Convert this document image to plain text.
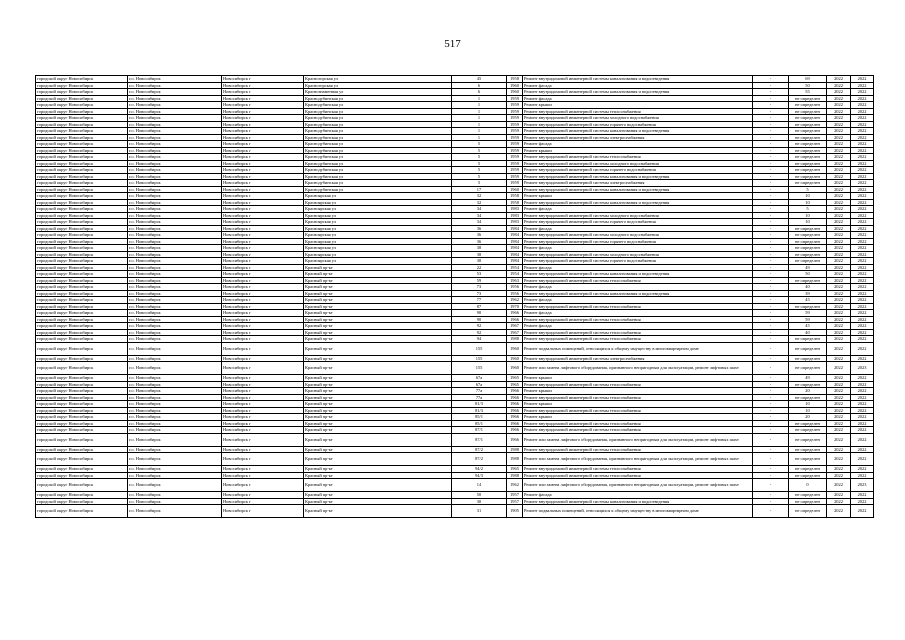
517
городской округ Новосибирск	г.о. Новосибирск	Новосибирск г	Красногорская ул	45	1958	Ремонт внутридомовой инженерной системы канализования и водоотведения	-	69	2022	2022
городской округ Новосибирск	г.о. Новосибирск	Новосибирск г	Красногорская ул	6	1960	Ремонт фасада	-	50	2022	2022
городской округ Новосибирск	г.о. Новосибирск	Новосибирск г	Краснознаменная ул	6	1960	Ремонт внутридомовой инженерной системы канализования и водоотведения	-	55	2022	2022
городской округ Новосибирск	г.о. Новосибирск	Новосибирск г	Краснодубинская ул	1	1959	Ремонт фасада	-	не определен	2022	2022
городской округ Новосибирск	г.о. Новосибирск	Новосибирск г	Краснодубинская ул	1	1959	Ремонт крыши	-	не определен	2022	2022
городской округ Новосибирск	г.о. Новосибирск	Новосибирск г	Краснодубинская ул	1	1959	Ремонт внутридомовой инженерной системы теплоснабжения	-	не определен	2022	2022
городской округ Новосибирск	г.о. Новосибирск	Новосибирск г	Краснодубинская ул	1	1959	Ремонт внутридомовой инженерной системы холодного водоснабжения	-	не определен	2022	2022
городской округ Новосибирск	г.о. Новосибирск	Новосибирск г	Краснодубинская ул	1	1959	Ремонт внутридомовой инженерной системы горячего водоснабжения	-	не определен	2022	2022
городской округ Новосибирск	г.о. Новосибирск	Новосибирск г	Краснодубинская ул	1	1959	Ремонт внутридомовой инженерной системы канализования и водоотведения	-	не определен	2022	2022
городской округ Новосибирск	г.о. Новосибирск	Новосибирск г	Краснодубинская ул	1	1959	Ремонт внутридомовой инженерной системы электроснабжения	-	не определен	2022	2022
городской округ Новосибирск	г.о. Новосибирск	Новосибирск г	Краснодубинская ул	5	1959	Ремонт фасада	-	не определен	2022	2022
городской округ Новосибирск	г.о. Новосибирск	Новосибирск г	Краснодубинская ул	5	1959	Ремонт крыши	-	не определен	2022	2022
городской округ Новосибирск	г.о. Новосибирск	Новосибирск г	Краснодубинская ул	5	1959	Ремонт внутридомовой инженерной системы теплоснабжения	-	не определен	2022	2022
городской округ Новосибирск	г.о. Новосибирск	Новосибирск г	Краснодубинская ул	5	1959	Ремонт внутридомовой инженерной системы холодного водоснабжения	-	не определен	2022	2022
городской округ Новосибирск	г.о. Новосибирск	Новосибирск г	Краснодубинская ул	5	1959	Ремонт внутридомовой инженерной системы горячего водоснабжения	-	не определен	2022	2022
городской округ Новосибирск	г.о. Новосибирск	Новосибирск г	Краснодубинская ул	5	1959	Ремонт внутридомовой инженерной системы канализования и водоотведения	-	не определен	2022	2022
городской округ Новосибирск	г.о. Новосибирск	Новосибирск г	Краснодубинская ул	5	1959	Ремонт внутридомовой инженерной системы электроснабжения	-	не определен	2022	2022
городской округ Новосибирск	г.о. Новосибирск	Новосибирск г	Краснодубинская ул	17	1960	Ремонт внутридомовой инженерной системы канализования и водоотведения	-	5	2022	2022
городской округ Новосибирск	г.о. Новосибирск	Новосибирск г	Красноярская ул	32	1958	Ремонт крыши	-	10	2022	2022
городской округ Новосибирск	г.о. Новосибирск	Новосибирск г	Красноярская ул	32	1958	Ремонт внутридомовой инженерной системы канализования и водоотведения	-	10	2022	2022
городской округ Новосибирск	г.о. Новосибирск	Новосибирск г	Красноярская ул	34	1983	Ремонт фасада	-	5	2022	2022
городской округ Новосибирск	г.о. Новосибирск	Новосибирск г	Красноярская ул	34	1983	Ремонт внутридомовой инженерной системы холодного водоснабжения	-	10	2022	2022
городской округ Новосибирск	г.о. Новосибирск	Новосибирск г	Красноярская ул	34	1983	Ремонт внутридомовой инженерной системы горячего водоснабжения	-	10	2022	2022
городской округ Новосибирск	г.о. Новосибирск	Новосибирск г	Красноярская ул	36	1984	Ремонт фасада	-	не определен	2022	2022
городской округ Новосибирск	г.о. Новосибирск	Новосибирск г	Красноярская ул	36	1984	Ремонт внутридомовой инженерной системы холодного водоснабжения	-	не определен	2022	2022
городской округ Новосибирск	г.о. Новосибирск	Новосибирск г	Красноярская ул	36	1984	Ремонт внутридомовой инженерной системы горячего водоснабжения	-	не определен	2022	2022
городской округ Новосибирск	г.о. Новосибирск	Новосибирск г	Красноярская ул	38	1984	Ремонт фасада	-	не определен	2022	2022
городской округ Новосибирск	г.о. Новосибирск	Новосибирск г	Красноярская ул	38	1984	Ремонт внутридомовой инженерной системы холодного водоснабжения	-	не определен	2022	2022
городской округ Новосибирск	г.о. Новосибирск	Новосибирск г	Красноярская ул	38	1984	Ремонт внутридомовой инженерной системы горячего водоснабжения	-	не определен	2022	2022
городской округ Новосибирск	г.о. Новосибирск	Новосибирск г	Красный пр-кт	22	1954	Ремонт фасада	-	49	2022	2022
городской округ Новосибирск	г.о. Новосибирск	Новосибирск г	Красный пр-кт	53	1954	Ремонт внутридомовой инженерной системы канализования и водоотведения	-	50	2022	2022
городской округ Новосибирск	г.о. Новосибирск	Новосибирск г	Красный пр-кт	59	1963	Ремонт внутридомовой инженерной системы теплоснабжения	-	не определен	2022	2022
городской округ Новосибирск	г.о. Новосибирск	Новосибирск г	Красный пр-кт	73	1956	Ремонт фасада	-	40	2022	2022
городской округ Новосибирск	г.о. Новосибирск	Новосибирск г	Красный пр-кт	73	1956	Ремонт внутридомовой инженерной системы канализования и водоотведения	-	39	2022	2022
городской округ Новосибирск	г.о. Новосибирск	Новосибирск г	Красный пр-кт	77	1962	Ремонт фасада	-	45	2022	2022
городской округ Новосибирск	г.о. Новосибирск	Новосибирск г	Красный пр-кт	87	1970	Ремонт внутридомовой инженерной системы теплоснабжения	-	не определен	2022	2022
городской округ Новосибирск	г.о. Новосибирск	Новосибирск г	Красный пр-кт	90	1966	Ремонт фасада	-	59	2022	2022
городской округ Новосибирск	г.о. Новосибирск	Новосибирск г	Красный пр-кт	90	1966	Ремонт внутридомовой инженерной системы теплоснабжения	-	59	2022	2022
городской округ Новосибирск	г.о. Новосибирск	Новосибирск г	Красный пр-кт	92	1967	Ремонт фасада	-	45	2022	2022
городской округ Новосибирск	г.о. Новосибирск	Новосибирск г	Красный пр-кт	92	1967	Ремонт внутридомовой инженерной системы теплоснабжения	-	40	2022	2022
городской округ Новосибирск	г.о. Новосибирск	Новосибирск г	Красный пр-кт	94	1988	Ремонт внутридомовой инженерной системы теплоснабжения	-	не определен	2022	2022
городской округ Новосибирск	г.о. Новосибирск	Новосибирск г	Красный пр-кт	155	1960	Ремонт подвальных помещений, относящихся к общему имуществу в многоквартирном доме	-	не определен	2022	2022
городской округ Новосибирск	г.о. Новосибирск	Новосибирск г	Красный пр-кт	155	1960	Ремонт внутридомовой инженерной системы электроснабжения	-	не определен	2022	2022
городской округ Новосибирск	г.о. Новосибирск	Новосибирск г	Красный пр-кт	155	1960	Ремонт или замена лифтового оборудования, признанного непригодным для эксплуатации, ремонт лифтовых шахт	-	не определен	2022	2023
городской округ Новосибирск	г.о. Новосибирск	Новосибирск г	Красный пр-кт	67а	1965	Ремонт крыши	-	49	2022	2022
городской округ Новосибирск	г.о. Новосибирск	Новосибирск г	Красный пр-кт	67а	1965	Ремонт внутридомовой инженерной системы теплоснабжения	-	не определен	2022	2022
городской округ Новосибирск	г.о. Новосибирск	Новосибирск г	Красный пр-кт	77а	1966	Ремонт крыши	-	20	2022	2022
городской округ Новосибирск	г.о. Новосибирск	Новосибирск г	Красный пр-кт	77а	1966	Ремонт внутридомовой инженерной системы теплоснабжения	-	не определен	2022	2022
городской округ Новосибирск	г.о. Новосибирск	Новосибирск г	Красный пр-кт	81/3	1966	Ремонт крыши	-	10	2022	2022
городской округ Новосибирск	г.о. Новосибирск	Новосибирск г	Красный пр-кт	81/3	1966	Ремонт внутридомовой инженерной системы теплоснабжения	-	10	2022	2022
городской округ Новосибирск	г.о. Новосибирск	Новосибирск г	Красный пр-кт	85/1	1966	Ремонт крыши	-	20	2022	2022
городской округ Новосибирск	г.о. Новосибирск	Новосибирск г	Красный пр-кт	85/1	1966	Ремонт внутридомовой инженерной системы теплоснабжения	-	не определен	2022	2022
городской округ Новосибирск	г.о. Новосибирск	Новосибирск г	Красный пр-кт	87/1	1966	Ремонт внутридомовой инженерной системы теплоснабжения	-	не определен	2022	2022
городской округ Новосибирск	г.о. Новосибирск	Новосибирск г	Красный пр-кт	87/1	1966	Ремонт или замена лифтового оборудования, признанного непригодным для эксплуатации, ремонт лифтовых шахт	-	не определен	2022	2022
городской округ Новосибирск	г.о. Новосибирск	Новосибирск г	Красный пр-кт	87/2	1988	Ремонт внутридомовой инженерной системы теплоснабжения	-	не определен	2022	2022
городской округ Новосибирск	г.о. Новосибирск	Новосибирск г	Красный пр-кт	87/2	1988	Ремонт или замена лифтового оборудования, признанного непригодным для эксплуатации, ремонт лифтовых шахт	-	не определен	2022	2022
городской округ Новосибирск	г.о. Новосибирск	Новосибирск г	Красный пр-кт	94/2	1965	Ремонт внутридомовой инженерной системы теплоснабжения	-	не определен	2022	2022
городской округ Новосибирск	г.о. Новосибирск	Новосибирск г	Красный пр-кт	94/3	1988	Ремонт внутридомовой инженерной системы теплоснабжения	-	не определен	2022	2022
городской округ Новосибирск	г.о. Новосибирск	Новосибирск г	Красный пр-кт	14	1962	Ремонт или замена лифтового оборудования, признанного непригодным для эксплуатации, ремонт лифтовых шахт	-	0	2022	2023
городской округ Новосибирск	г.о. Новосибирск	Новосибирск г	Красный пр-кт	50	1957	Ремонт фасада	-	не определен	2022	2022
городской округ Новосибирск	г.о. Новосибирск	Новосибирск г	Красный пр-кт	30	1957	Ремонт внутридомовой инженерной системы канализования и водоотведения	-	не определен	2022	2022
городской округ Новосибирск	г.о. Новосибирск	Новосибирск г	Красный пр-кт	31	1905	Ремонт подвальных помещений, относящихся к общему имуществу в многоквартирном доме	-	не определен	2022	2022
